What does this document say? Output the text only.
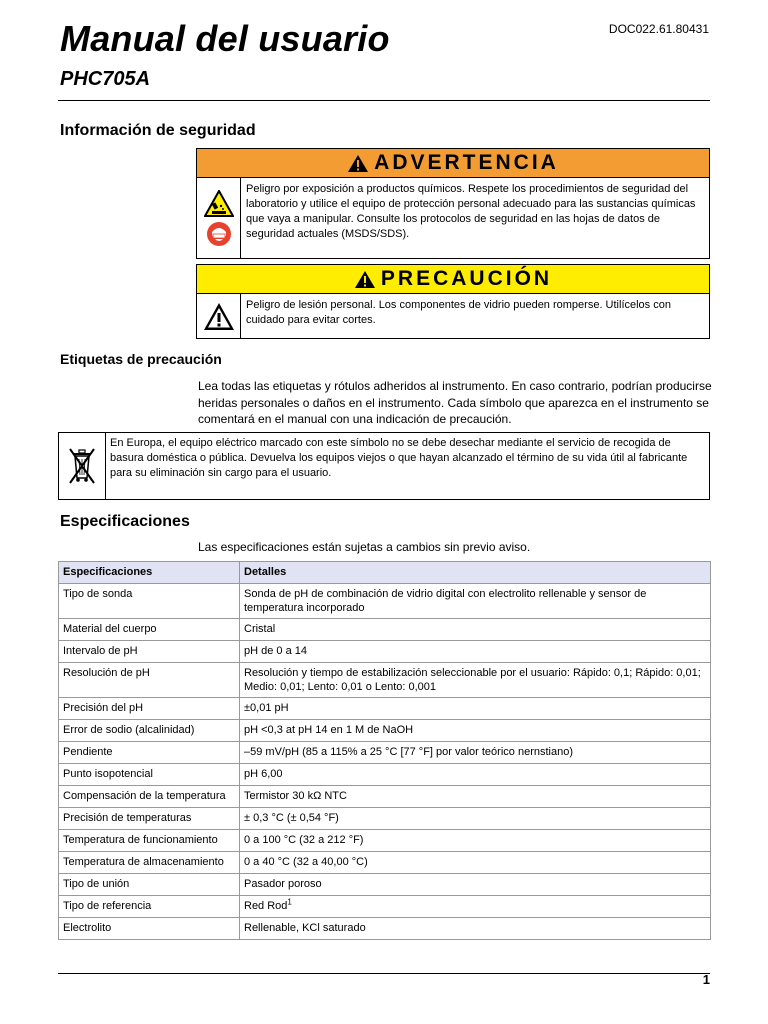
Manual del usuario
PHC705A
DOC022.61.80431
Información de seguridad
ADVERTENCIA
Peligro por exposición a productos químicos. Respete los procedimientos de seguridad del laboratorio y utilice el equipo de protección personal adecuado para las sustancias químicas que vaya a manipular. Consulte los protocolos de seguridad en las hojas de datos de seguridad actuales (MSDS/SDS).
PRECAUCIÓN
Peligro de lesión personal. Los componentes de vidrio pueden romperse. Utilícelos con cuidado para evitar cortes.
Etiquetas de precaución
Lea todas las etiquetas y rótulos adheridos al instrumento. En caso contrario, podrían producirse heridas personales o daños en el instrumento. Cada símbolo que aparezca en el instrumento se comentará en el manual con una indicación de precaución.
En Europa, el equipo eléctrico marcado con este símbolo no se debe desechar mediante el servicio de recogida de basura doméstica o pública. Devuelva los equipos viejos o que hayan alcanzado el término de su vida útil al fabricante para su eliminación sin cargo para el usuario.
Especificaciones
Las especificaciones están sujetas a cambios sin previo aviso.
Especificaciones	Detalles
Tipo de sonda	Sonda de pH de combinación de vidrio digital con electrolito rellenable y sensor de temperatura incorporado
Material del cuerpo	Cristal
Intervalo de pH	pH de 0 a 14
Resolución de pH	Resolución y tiempo de estabilización seleccionable por el usuario: Rápido: 0,1; Rápido: 0,01; Medio: 0,01; Lento: 0,01 o Lento: 0,001
Precisión del pH	±0,01 pH
Error de sodio (alcalinidad)	pH <0,3 at pH 14 en 1 M de NaOH
Pendiente	–59 mV/pH (85 a 115% a 25 °C [77 °F] por valor teórico nernstiano)
Punto isopotencial	pH 6,00
Compensación de la temperatura	Termistor 30 kΩ NTC
Precisión de temperaturas	± 0,3 °C (± 0,54 °F)
Temperatura de funcionamiento	0 a 100 °C (32 a 212 °F)
Temperatura de almacenamiento	0 a 40 °C (32 a 40,00 °C)
Tipo de unión	Pasador poroso
Tipo de referencia	Red Rod$^1$
Electrolito	Rellenable, KCl saturado
1
